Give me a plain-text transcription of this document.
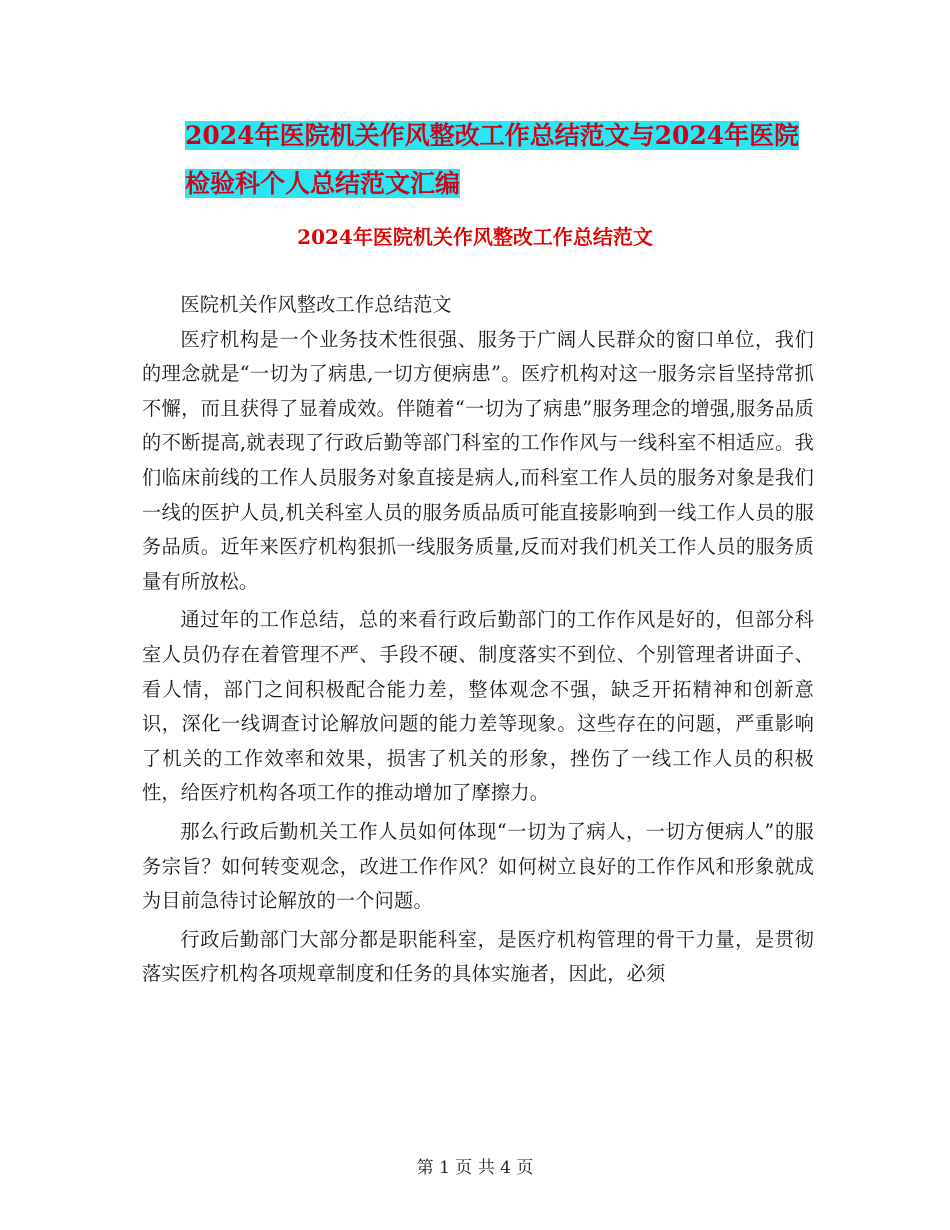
2024年医院机关作风整改工作总结范文与2024年医院
检验科个人总结范文汇编
2024年医院机关作风整改工作总结范文

医院机关作风整改工作总结范文

医疗机构是一个业务技术性很强、服务于广阔人民群众的窗口单位，我们的理念就是“一切为了病患,一切方便病患”。医疗机构对这一服务宗旨坚持常抓不懈，而且获得了显着成效。伴随着“一切为了病患”服务理念的增强,服务品质的不断提高,就表现了行政后勤等部门科室的工作作风与一线科室不相适应。我们临床前线的工作人员服务对象直接是病人,而科室工作人员的服务对象是我们一线的医护人员,机关科室人员的服务质品质可能直接影响到一线工作人员的服务品质。近年来医疗机构狠抓一线服务质量,反而对我们机关工作人员的服务质量有所放松。

通过年的工作总结，总的来看行政后勤部门的工作作风是好的，但部分科室人员仍存在着管理不严、手段不硬、制度落实不到位、个别管理者讲面子、看人情，部门之间积极配合能力差，整体观念不强，缺乏开拓精神和创新意识，深化一线调查讨论解放问题的能力差等现象。这些存在的问题，严重影响了机关的工作效率和效果，损害了机关的形象，挫伤了一线工作人员的积极性，给医疗机构各项工作的推动增加了摩擦力。

那么行政后勤机关工作人员如何体现“一切为了病人，一切方便病人”的服务宗旨？如何转变观念，改进工作作风？如何树立良好的工作作风和形象就成为目前急待讨论解放的一个问题。

行政后勤部门大部分都是职能科室，是医疗机构管理的骨干力量，是贯彻落实医疗机构各项规章制度和任务的具体实施者，因此，必须

第 1 页 共 4 页
